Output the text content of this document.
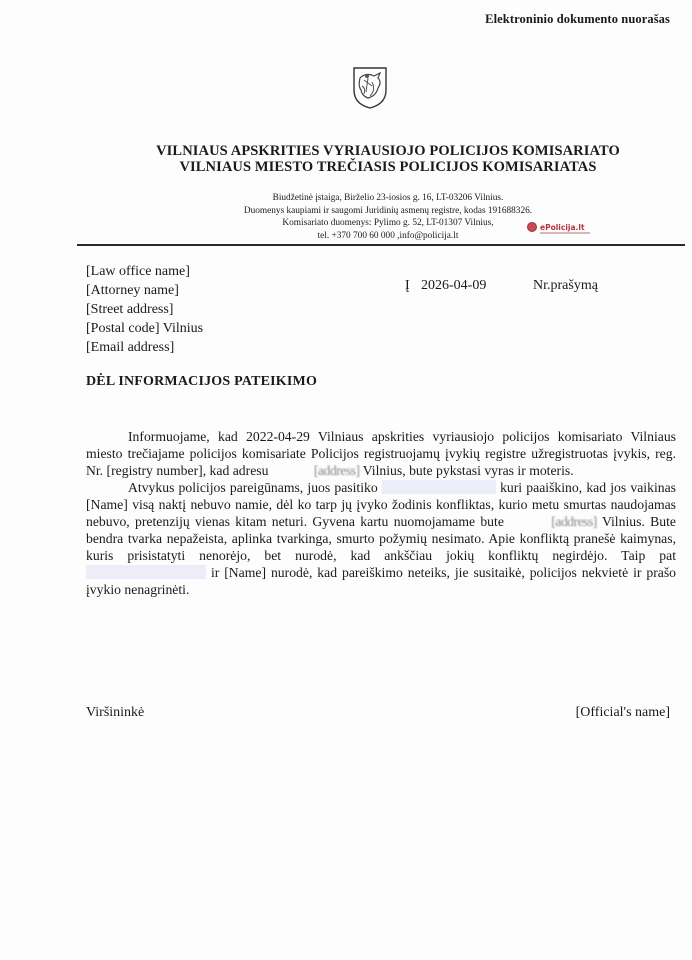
Elektroninio dokumento nuorašas
VILNIAUS APSKRITIES VYRIAUSIOJO POLICIJOS KOMISARIATO
VILNIAUS MIESTO TREČIASIS POLICIJOS KOMISARIATAS
Biudžetinė įstaiga, Birželio 23-iosios g. 16, LT-03206 Vilnius.
Duomenys kaupiami ir saugomi Juridinių asmenų registre, kodas 191688326.
Komisariato duomenys: Pylimo g. 52, LT-01307 Vilnius,
tel. +370 700 60 000 ,info@policija.lt
ePolicija.lt
[Law office name]
[Attorney name]
[Street address]
[Postal code] Vilnius
[Email address]
Į 2026-04-09	Nr.prašymą
DĖL INFORMACIJOS PATEIKIMO

Informuojame, kad 2022-04-29 Vilniaus apskrities vyriausiojo policijos komisariato Vilniaus miesto trečiajame policijos komisariate Policijos registruojamų įvykių registre užregistruotas įvykis, reg. Nr. [registry number], kad adresu	[address] Vilnius, bute pykstasi vyras ir moteris.

Atvykus policijos pareigūnams, juos pasitiko	kuri paaiškino, kad jos vaikinas [Name] visą naktį nebuvo namie, dėl ko tarp jų įvyko žodinis konfliktas, kurio metu smurtas naudojamas nebuvo, pretenzijų vienas kitam neturi. Gyvena kartu nuomojamame bute	[address] Vilnius. Bute bendra tvarka nepažeista, aplinka tvarkinga, smurto požymių nesimato. Apie konfliktą pranešė kaimynas, kuris prisistatyti nenorėjo, bet nurodė, kad ankščiau jokių konfliktų negirdėjo. Taip pat  ir [Name] nurodė, kad pareiškimo neteiks, jie susitaikė, policijos nekvietė ir prašo įvykio nenagrinėti.

Viršininkė	[Official's name]
